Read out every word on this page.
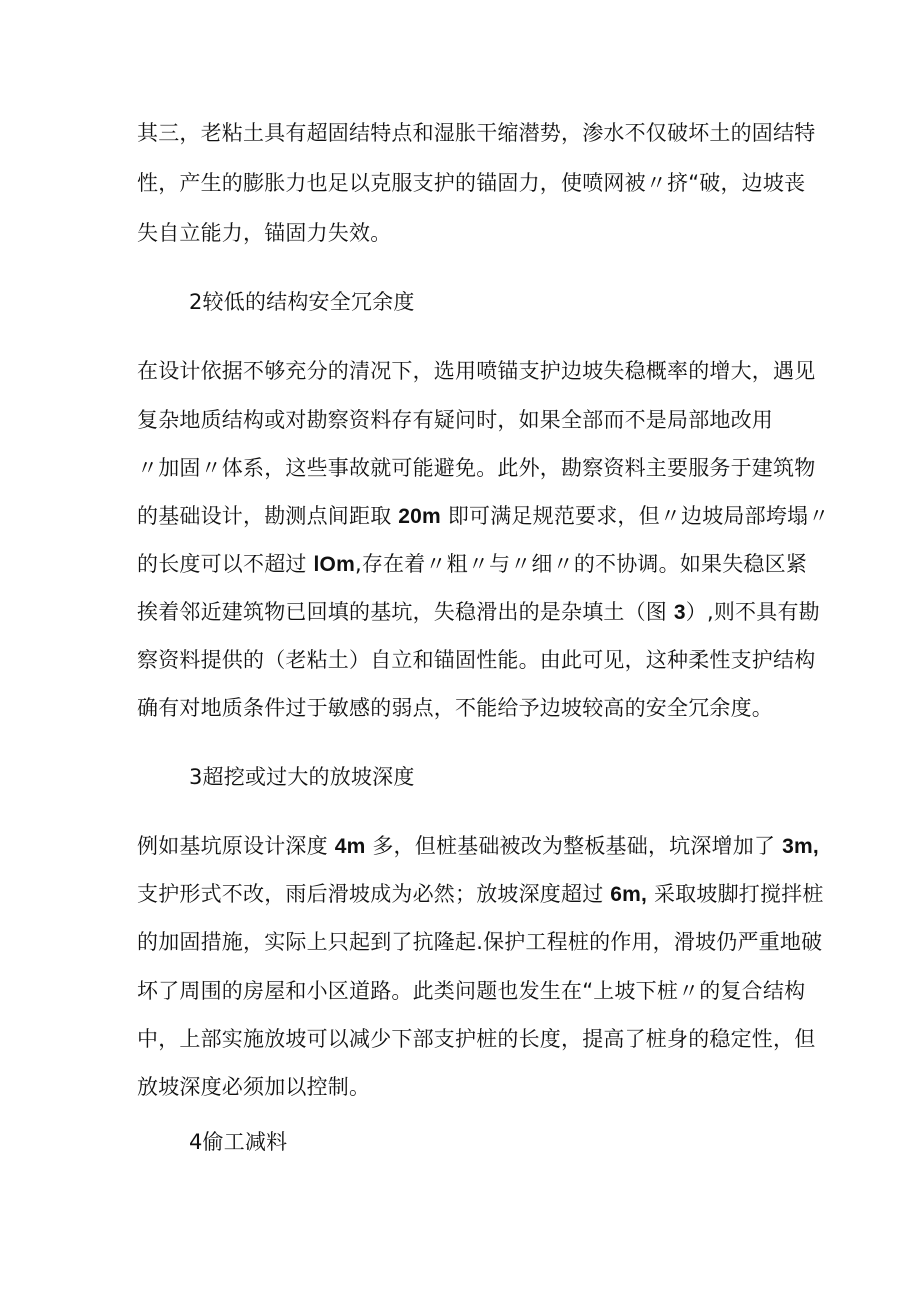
其三，老粘土具有超固结特点和湿胀干缩潜势，渗水不仅破坏土的固结特
性，产生的膨胀力也足以克服支护的锚固力，使喷网被〃挤“破，边坡丧
失自立能力，锚固力失效。
2较低的结构安全冗余度
在设计依据不够充分的清况下，选用喷锚支护边坡失稳概率的增大，遇见
复杂地质结构或对勘察资料存有疑问时，如果全部而不是局部地改用
〃加固〃体系，这些事故就可能避免。此外，勘察资料主要服务于建筑物
的基础设计，勘测点间距取 20m 即可满足规范要求，但〃边坡局部垮塌〃
的长度可以不超过 lOm,存在着〃粗〃与〃细〃的不协调。如果失稳区紧
挨着邻近建筑物已回填的基坑，失稳滑出的是杂填土（图 3）,则不具有勘
察资料提供的（老粘土）自立和锚固性能。由此可见，这种柔性支护结构
确有对地质条件过于敏感的弱点，不能给予边坡较高的安全冗余度。
3超挖或过大的放坡深度
例如基坑原设计深度 4m 多，但桩基础被改为整板基础，坑深增加了 3m,
支护形式不改，雨后滑坡成为必然；放坡深度超过 6m, 采取坡脚打搅拌桩
的加固措施，实际上只起到了抗隆起.保护工程桩的作用，滑坡仍严重地破
坏了周围的房屋和小区道路。此类问题也发生在“上坡下桩〃的复合结构
中，上部实施放坡可以减少下部支护桩的长度，提高了桩身的稳定性，但
放坡深度必须加以控制。
4偷工减料
